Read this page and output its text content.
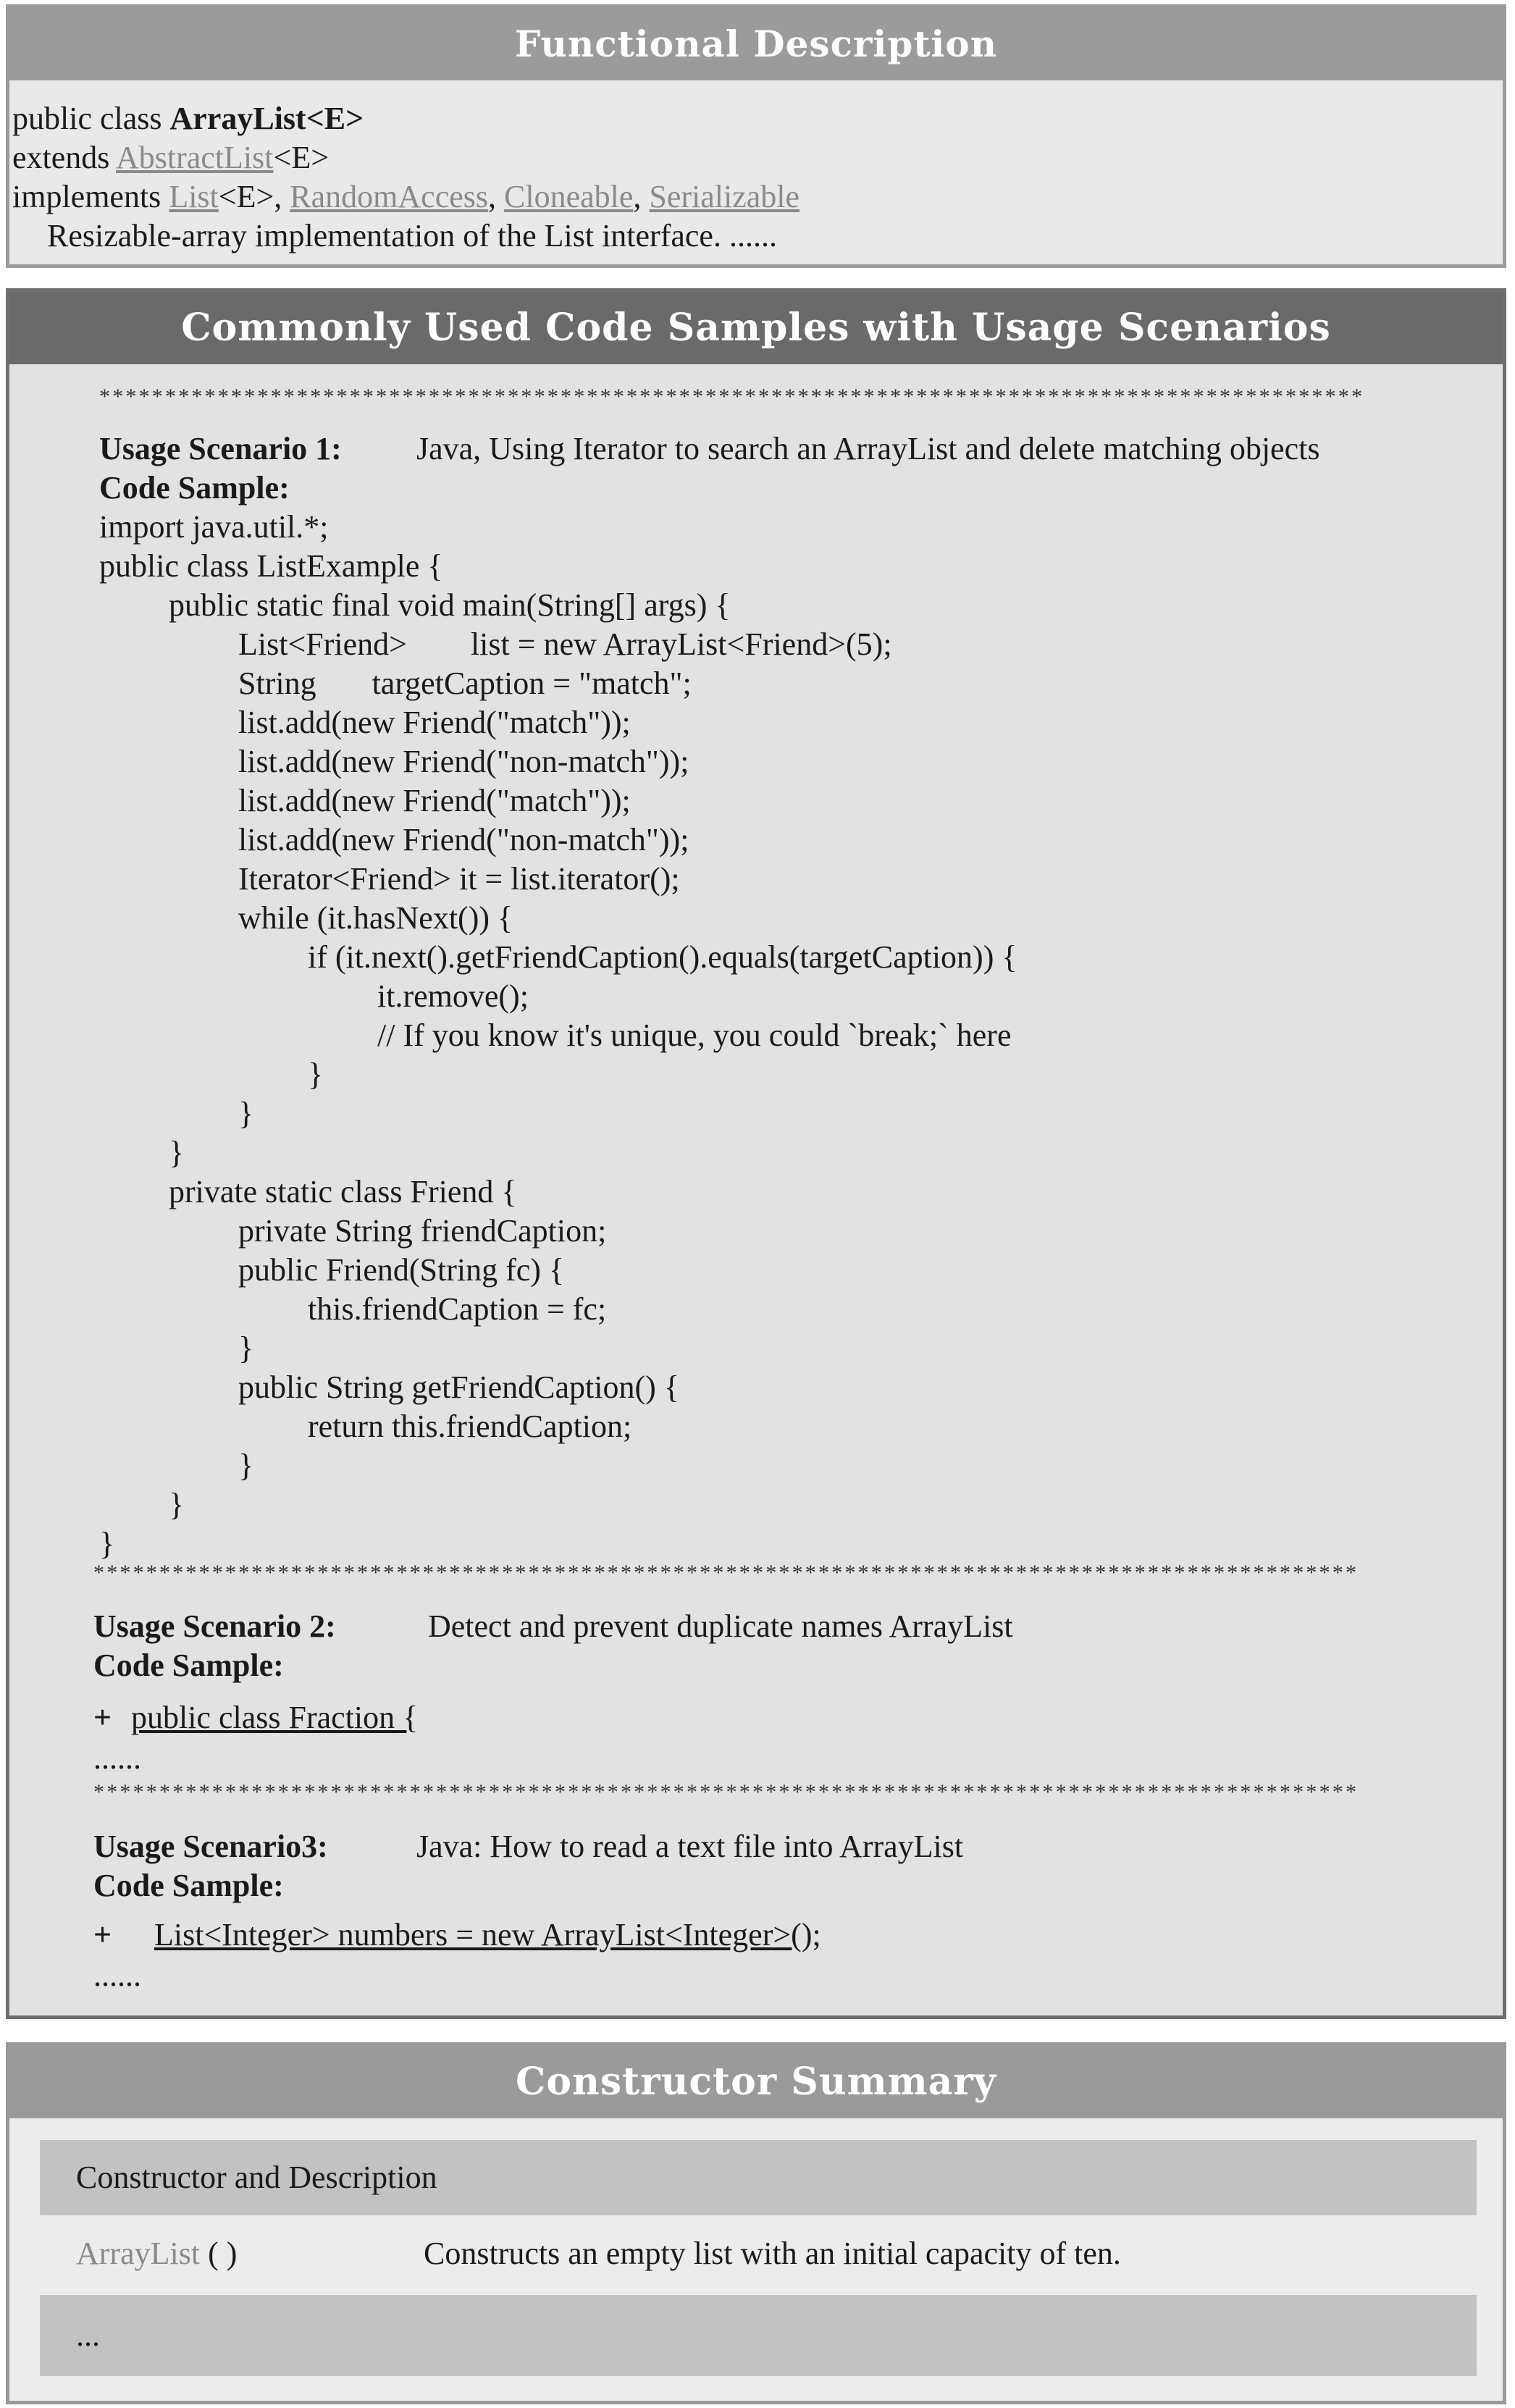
Functional Description
public class ArrayList<E>
extends AbstractList<E>
implements List<E>, RandomAccess, Cloneable, Serializable
Resizable-array implementation of the List interface. ......
Commonly Used Code Samples with Usage Scenarios
************************************************************************************************
Usage Scenario 1: Java, Using Iterator to search an ArrayList and delete matching objects
Code Sample:
************************************************************************************************
Usage Scenario 2:	Detect and prevent duplicate names ArrayList
Code Sample:
+ public class Fraction {
......
************************************************************************************************
Usage Scenario3:	Java: How to read a text file into ArrayList
Code Sample:
+ List<Integer> numbers = new ArrayList<Integer>();
......
import java.util.*;
public class ListExample {
public static final void main(String[] args) {
List<Friend>        list = new ArrayList<Friend>(5);
String       targetCaption = "match";
list.add(new Friend("match"));
list.add(new Friend("non-match"));
list.add(new Friend("match"));
list.add(new Friend("non-match"));
Iterator<Friend> it = list.iterator();
while (it.hasNext()) {
if (it.next().getFriendCaption().equals(targetCaption)) {
it.remove();
// If you know it's unique, you could `break;` here
}
}
}
private static class Friend {
private String friendCaption;
public Friend(String fc) {
this.friendCaption = fc;
}
public String getFriendCaption() {
return this.friendCaption;
}
}
}
Constructor Summary
Constructor and Description
ArrayList ( )	Constructs an empty list with an initial capacity of ten.
...
